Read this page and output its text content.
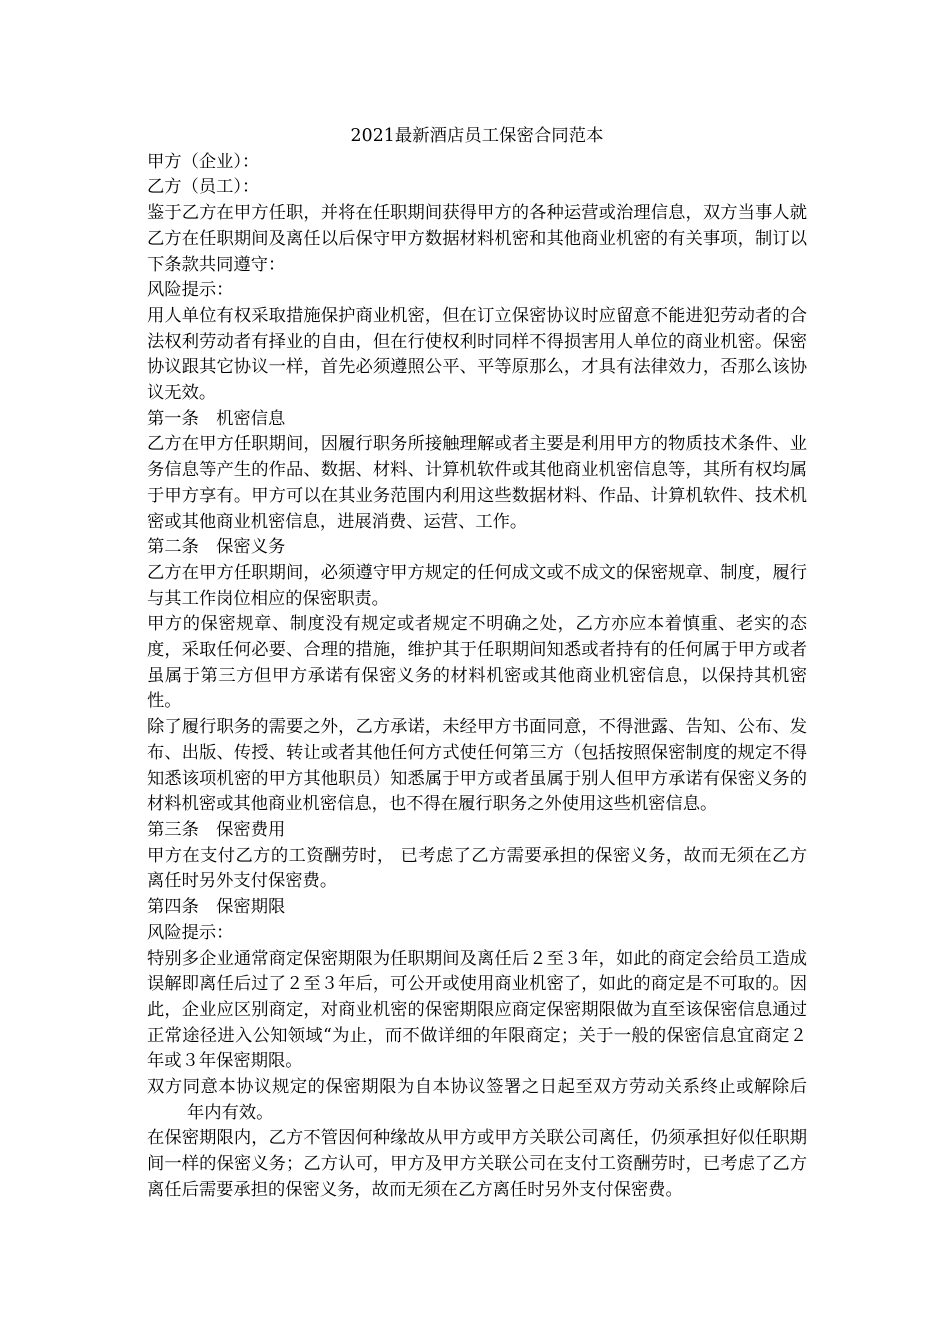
2021最新酒店员工保密合同范本

甲方（企业）：

乙方（员工）：

鉴于乙方在甲方任职，并将在任职期间获得甲方的各种运营或治理信息，双方当事人就乙方在任职期间及离任以后保守甲方数据材料机密和其他商业机密的有关事项，制订以下条款共同遵守：

风险提示：

用人单位有权采取措施保护商业机密，但在订立保密协议时应留意不能进犯劳动者的合法权利劳动者有择业的自由，但在行使权利时同样不得损害用人单位的商业机密。保密协议跟其它协议一样，首先必须遵照公平、平等原那么，才具有法律效力，否那么该协议无效。

第一条　机密信息

乙方在甲方任职期间，因履行职务所接触理解或者主要是利用甲方的物质技术条件、业务信息等产生的作品、数据、材料、计算机软件或其他商业机密信息等，其所有权均属于甲方享有。甲方可以在其业务范围内利用这些数据材料、作品、计算机软件、技术机密或其他商业机密信息，进展消费、运营、工作。

第二条　保密义务

乙方在甲方任职期间，必须遵守甲方规定的任何成文或不成文的保密规章、制度，履行与其工作岗位相应的保密职责。

甲方的保密规章、制度没有规定或者规定不明确之处，乙方亦应本着慎重、老实的态度，采取任何必要、合理的措施，维护其于任职期间知悉或者持有的任何属于甲方或者虽属于第三方但甲方承诺有保密义务的材料机密或其他商业机密信息，以保持其机密性。

除了履行职务的需要之外，乙方承诺，未经甲方书面同意，不得泄露、告知、公布、发布、出版、传授、转让或者其他任何方式使任何第三方（包括按照保密制度的规定不得知悉该项机密的甲方其他职员）知悉属于甲方或者虽属于别人但甲方承诺有保密义务的材料机密或其他商业机密信息，也不得在履行职务之外使用这些机密信息。

第三条　保密费用

甲方在支付乙方的工资酬劳时， 已考虑了乙方需要承担的保密义务，故而无须在乙方离任时另外支付保密费。

第四条　保密期限

风险提示：

特别多企业通常商定保密期限为任职期间及离任后２至３年，如此的商定会给员工造成误解即离任后过了２至３年后，可公开或使用商业机密了，如此的商定是不可取的。因此，企业应区别商定，对商业机密的保密期限应商定保密期限做为直至该保密信息通过正常途径进入公知领域“为止，而不做详细的年限商定；关于一般的保密信息宜商定２年或３年保密期限。

双方同意本协议规定的保密期限为自本协议签署之日起至双方劳动关系终止或解除后年内有效。

在保密期限内，乙方不管因何种缘故从甲方或甲方关联公司离任，仍须承担好似任职期间一样的保密义务；乙方认可，甲方及甲方关联公司在支付工资酬劳时，已考虑了乙方离任后需要承担的保密义务，故而无须在乙方离任时另外支付保密费。
